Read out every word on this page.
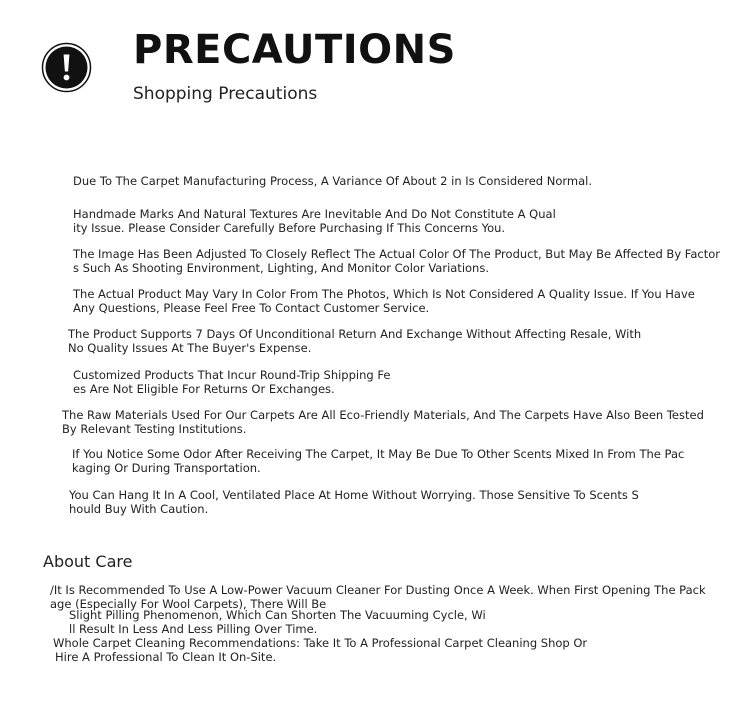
PRECAUTIONS
Shopping Precautions
Due To The Carpet Manufacturing Process, A Variance Of About 2 in Is Considered Normal.
Handmade Marks And Natural Textures Are Inevitable And Do Not Constitute A Qual
ity Issue. Please Consider Carefully Before Purchasing If This Concerns You.
The Image Has Been Adjusted To Closely Reflect The Actual Color Of The Product, But May Be Affected By Factor
s Such As Shooting Environment, Lighting, And Monitor Color Variations.
The Actual Product May Vary In Color From The Photos, Which Is Not Considered A Quality Issue. If You Have
Any Questions, Please Feel Free To Contact Customer Service.
The Product Supports 7 Days Of Unconditional Return And Exchange Without Affecting Resale, With
No Quality Issues At The Buyer's Expense.
Customized Products That Incur Round-Trip Shipping Fe
es Are Not Eligible For Returns Or Exchanges.
The Raw Materials Used For Our Carpets Are All Eco-Friendly Materials, And The Carpets Have Also Been Tested
By Relevant Testing Institutions.
If You Notice Some Odor After Receiving The Carpet, It May Be Due To Other Scents Mixed In From The Pac
kaging Or During Transportation.
You Can Hang It In A Cool, Ventilated Place At Home Without Worrying. Those Sensitive To Scents S
hould Buy With Caution.
About Care
/It Is Recommended To Use A Low-Power Vacuum Cleaner For Dusting Once A Week. When First Opening The Pack
age (Especially For Wool Carpets), There Will Be
Slight Pilling Phenomenon, Which Can Shorten The Vacuuming Cycle, Wi
ll Result In Less And Less Pilling Over Time.
Whole Carpet Cleaning Recommendations: Take It To A Professional Carpet Cleaning Shop Or
Hire A Professional To Clean It On-Site.
